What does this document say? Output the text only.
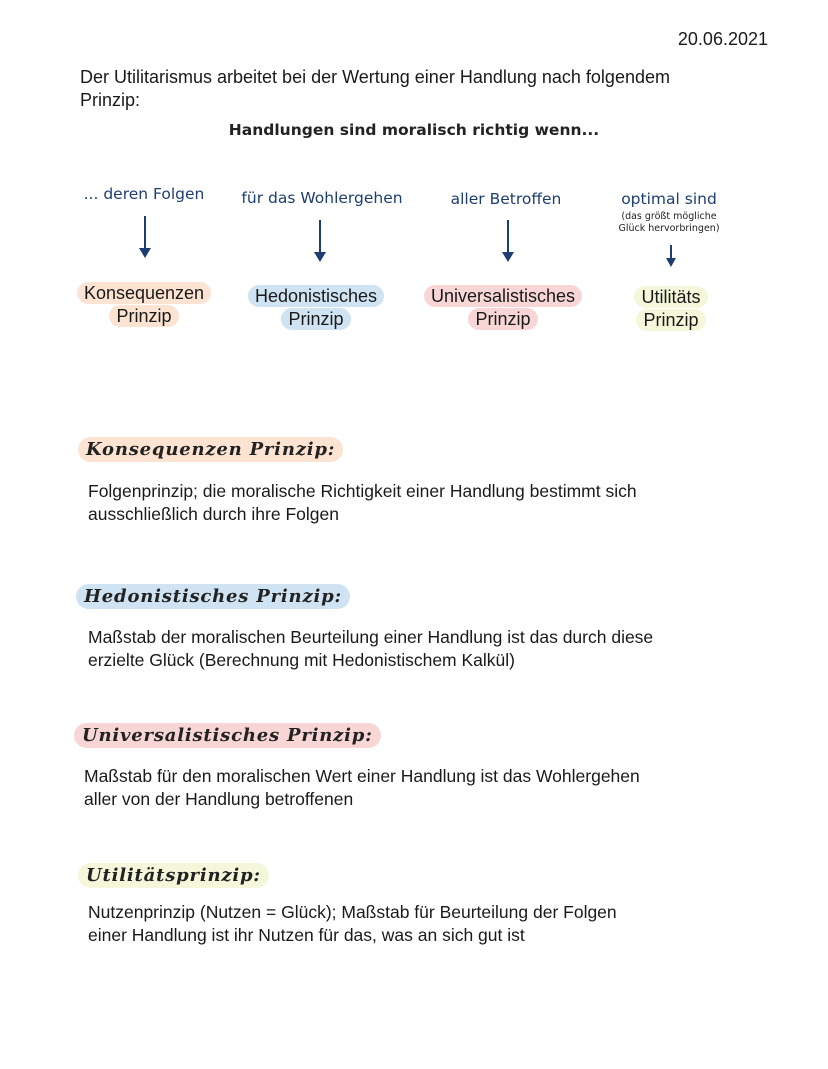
20.06.2021
Der Utilitarismus arbeitet bei der Wertung einer Handlung nach folgendem
Prinzip:
Handlungen sind moralisch richtig wenn...
... deren Folgen
Konsequenzen
Prinzip
für das Wohlergehen
Hedonistisches
Prinzip
aller Betroffen
Universalistisches
Prinzip
optimal sind
(das größt mögliche
Glück hervorbringen)
Utilitäts
Prinzip
Konsequenzen Prinzip:
Folgenprinzip; die moralische Richtigkeit einer Handlung bestimmt sich
ausschließlich durch ihre Folgen
Hedonistisches Prinzip:
Maßstab der moralischen Beurteilung einer Handlung ist das durch diese
erzielte Glück (Berechnung mit Hedonistischem Kalkül)
Universalistisches Prinzip:
Maßstab für den moralischen Wert einer Handlung ist das Wohlergehen
aller von der Handlung betroffenen
Utilitätsprinzip:
Nutzenprinzip (Nutzen = Glück); Maßstab für Beurteilung der Folgen
einer Handlung ist ihr Nutzen für das, was an sich gut ist
